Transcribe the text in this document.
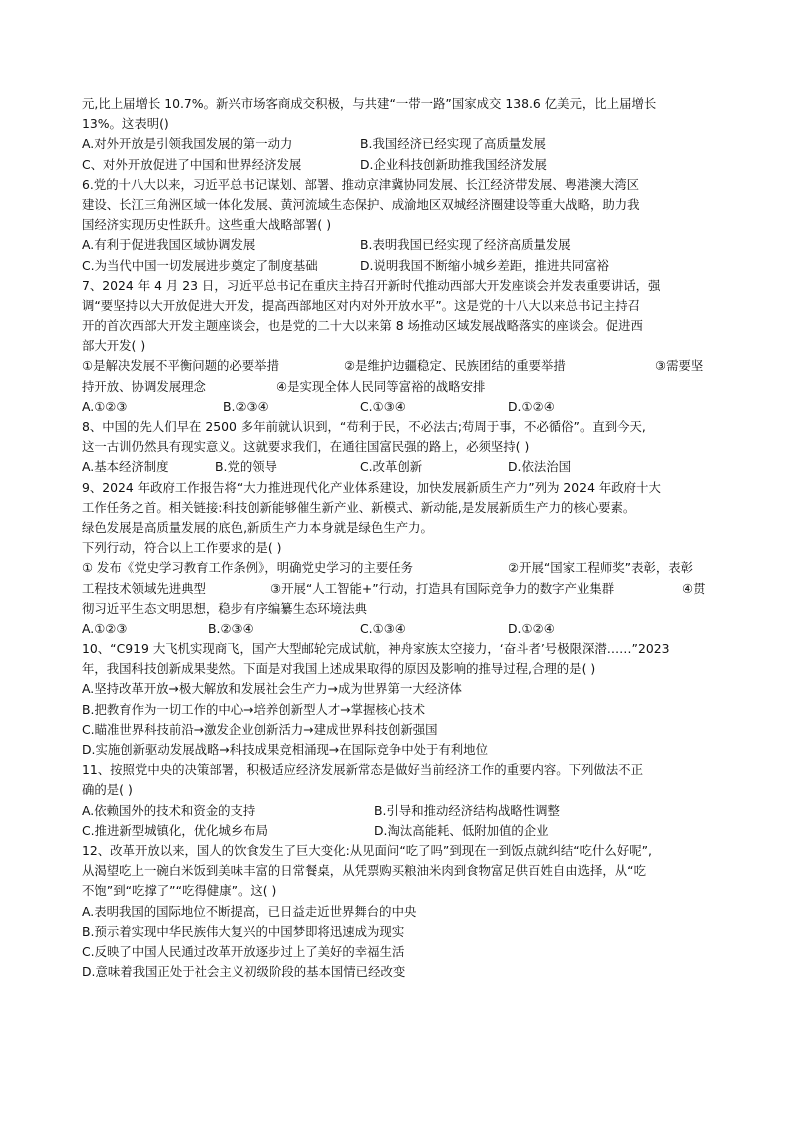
元,比上届增长 10.7%。新兴市场客商成交积极，与共建“一带一路”国家成交 138.6 亿美元，比上届增长
13%。这表明()
A.对外开放是引领我国发展的第一动力	B.我国经济已经实现了高质量发展
C、对外开放促进了中国和世界经济发展	D.企业科技创新助推我国经济发展
6.党的十八大以来，习近平总书记谋划、部署、推动京津冀协同发展、长江经济带发展、粤港澳大湾区
建设、长江三角洲区域一体化发展、黄河流域生态保护、成渝地区双城经济圈建设等重大战略，助力我
国经济实现历史性跃升。这些重大战略部署( )
A.有利于促进我国区域协调发展	B.表明我国已经实现了经济高质量发展
C.为当代中国一切发展进步奠定了制度基础	D.说明我国不断缩小城乡差距，推进共同富裕
7、2024 年 4 月 23 日，习近平总书记在重庆主持召开新时代推动西部大开发座谈会并发表重要讲话，强
调“要坚持以大开放促进大开发，提高西部地区对内对外开放水平”。这是党的十八大以来总书记主持召
开的首次西部大开发主题座谈会，也是党的二十大以来第 8 场推动区域发展战略落实的座谈会。促进西
部大开发( )
①是解决发展不平衡问题的必要举措	②是维护边疆稳定、民族团结的重要举措	③需要坚
持开放、协调发展理念	④是实现全体人民同等富裕的战略安排
A.①②③	B.②③④	C.①③④	D.①②④
8、中国的先人们早在 2500 多年前就认识到，“苟利于民，不必法古;苟周于事，不必循俗”。直到今天,
这一古训仍然具有现实意义。这就要求我们，在通往国富民强的路上，必须坚持( )
A.基本经济制度	B.党的领导	C.改革创新	D.依法治国
9、2024 年政府工作报告将“大力推进现代化产业体系建设，加快发展新质生产力”列为 2024 年政府十大
工作任务之首。相关链接:科技创新能够催生新产业、新模式、新动能,是发展新质生产力的核心要素。
绿色发展是高质量发展的底色,新质生产力本身就是绿色生产力。
下列行动，符合以上工作要求的是( )
① 发布《党史学习教育工作条例》，明确党史学习的主要任务	②开展“国家工程师奖”表彰，表彰
工程技术领域先进典型	③开展“人工智能+”行动，打造具有国际竞争力的数字产业集群	④贯
彻习近平生态文明思想，稳步有序编纂生态环境法典
A.①②③	B.②③④	C.①③④	D.①②④
10、“C919 大飞机实现商飞，国产大型邮轮完成试航，神舟家族太空接力，‘奋斗者’号极限深潜……”2023
年，我国科技创新成果斐然。下面是对我国上述成果取得的原因及影响的推导过程,合理的是( )
A.坚持改革开放→极大解放和发展社会生产力→成为世界第一大经济体
B.把教育作为一切工作的中心→培养创新型人才→掌握核心技术
C.瞄准世界科技前沿→激发企业创新活力→建成世界科技创新强国
D.实施创新驱动发展战略→科技成果竞相涌现→在国际竞争中处于有利地位
11、按照党中央的决策部署，积极适应经济发展新常态是做好当前经济工作的重要内容。下列做法不正
确的是( )
A.依赖国外的技术和资金的支持	B.引导和推动经济结构战略性调整
C.推进新型城镇化，优化城乡布局	D.淘汰高能耗、低附加值的企业
12、改革开放以来，国人的饮食发生了巨大变化:从见面问“吃了吗”到现在一到饭点就纠结“吃什么好呢”,
从渴望吃上一碗白米饭到美味丰富的日常餐桌，从凭票购买粮油米肉到食物富足供百姓自由选择，从“吃
不饱”到“吃撑了”“吃得健康”。这( )
A.表明我国的国际地位不断提高，已日益走近世界舞台的中央
B.预示着实现中华民族伟大复兴的中国梦即将迅速成为现实
C.反映了中国人民通过改革开放逐步过上了美好的幸福生活
D.意味着我国正处于社会主义初级阶段的基本国情已经改变
